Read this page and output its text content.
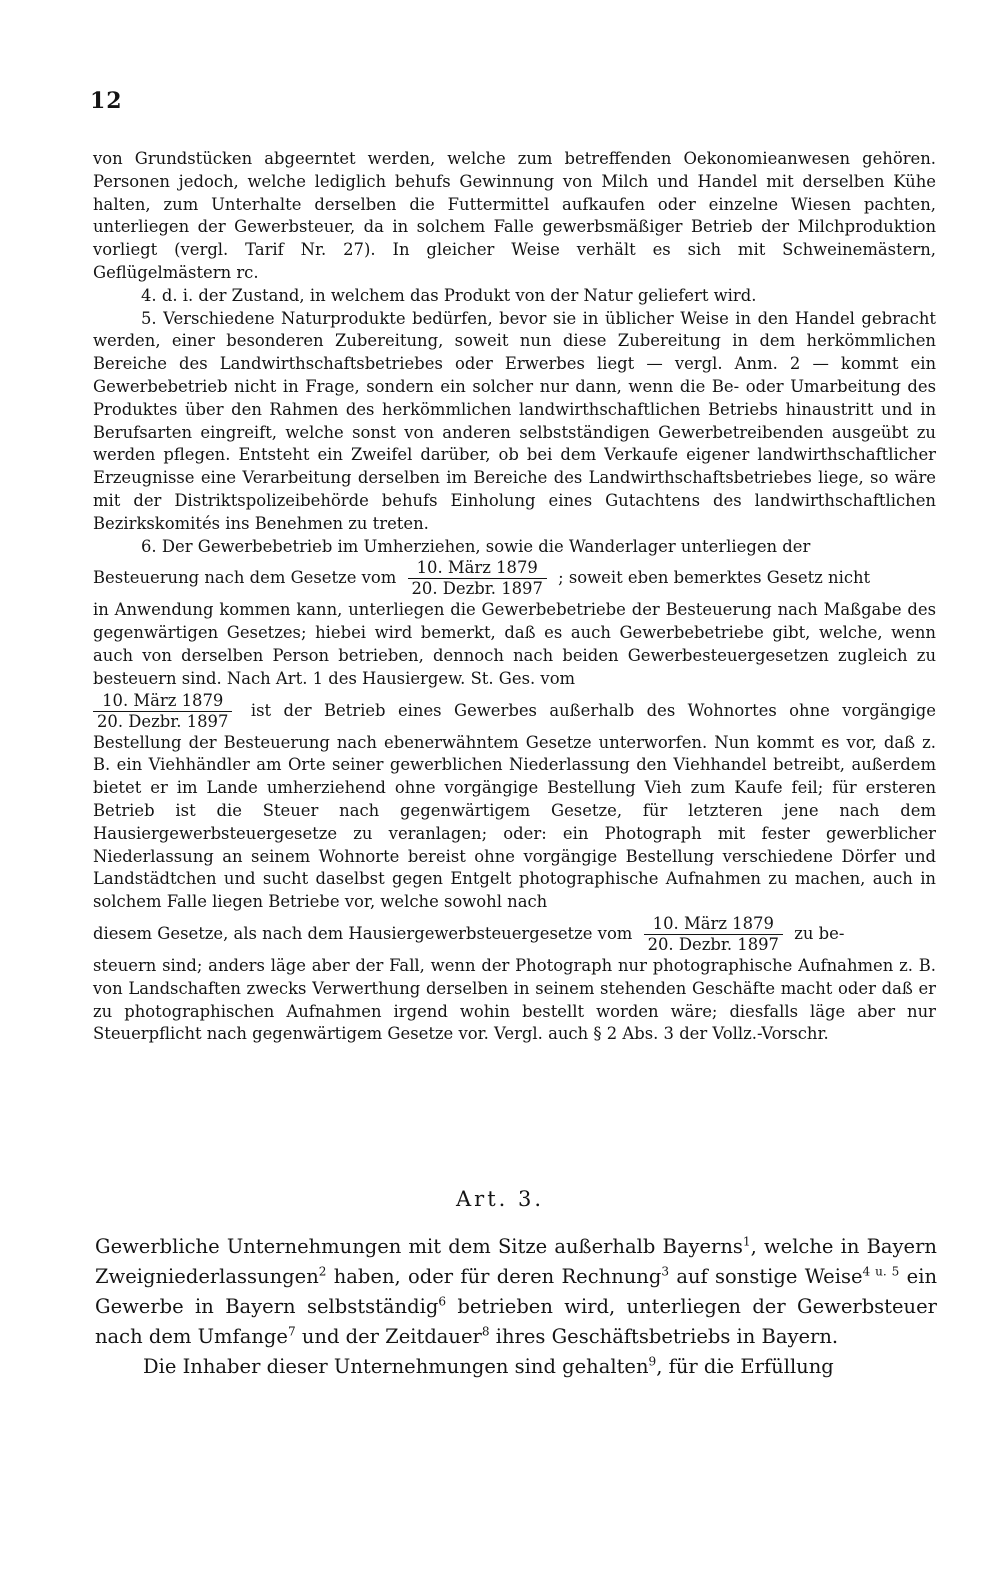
12

von Grundstücken abgeerntet werden, welche zum betreffenden Oekonomieanwesen gehören. Personen jedoch, welche lediglich behufs Gewinnung von Milch und Handel mit derselben Kühe halten, zum Unterhalte derselben die Futtermittel aufkaufen oder einzelne Wiesen pachten, unterliegen der Gewerbsteuer, da in solchem Falle gewerbsmäßiger Betrieb der Milchproduktion vorliegt (vergl. Tarif Nr. 27). In gleicher Weise verhält es sich mit Schweinemästern, Geflügelmästern rc.

4. d. i. der Zustand, in welchem das Produkt von der Natur geliefert wird.

5. Verschiedene Naturprodukte bedürfen, bevor sie in üblicher Weise in den Handel gebracht werden, einer besonderen Zubereitung, soweit nun diese Zubereitung in dem herkömmlichen Bereiche des Landwirthschaftsbetriebes oder Erwerbes liegt — vergl. Anm. 2 — kommt ein Gewerbebetrieb nicht in Frage, sondern ein solcher nur dann, wenn die Be- oder Umarbeitung des Produktes über den Rahmen des herkömmlichen landwirthschaftlichen Betriebs hinaustritt und in Berufsarten eingreift, welche sonst von anderen selbstständigen Gewerbetreibenden ausgeübt zu werden pflegen. Entsteht ein Zweifel darüber, ob bei dem Verkaufe eigener landwirthschaftlicher Erzeugnisse eine Verarbeitung derselben im Bereiche des Landwirthschaftsbetriebes liege, so wäre mit der Distriktspolizeibehörde behufs Einholung eines Gutachtens des landwirthschaftlichen Bezirkskomités ins Benehmen zu treten.

6. Der Gewerbebetrieb im Umherziehen, sowie die Wanderlager unterliegen der

Besteuerung nach dem Gesetze vom $\frac{\text{10. März 1879}}{\text{20. Dezbr. 1897}}$ ; soweit eben bemerktes Gesetz nicht

in Anwendung kommen kann, unterliegen die Gewerbebetriebe der Besteuerung nach Maßgabe des gegenwärtigen Gesetzes; hiebei wird bemerkt, daß es auch Gewerbebetriebe gibt, welche, wenn auch von derselben Person betrieben, dennoch nach beiden Gewerbesteuergesetzen zugleich zu besteuern sind. Nach Art. 1 des Hausiergew. St. Ges. vom

$\frac{\text{10. März 1879}}{\text{20. Dezbr. 1897}}$ ist der Betrieb eines Gewerbes außerhalb des Wohnortes ohne vorgängige Bestellung der Besteuerung nach ebenerwähntem Gesetze unterworfen. Nun kommt es vor, daß z. B. ein Viehhändler am Orte seiner gewerblichen Niederlassung den Viehhandel betreibt, außerdem bietet er im Lande umherziehend ohne vorgängige Bestellung Vieh zum Kaufe feil; für ersteren Betrieb ist die Steuer nach gegenwärtigem Gesetze, für letzteren jene nach dem Hausiergewerbsteuergesetze zu veranlagen; oder: ein Photograph mit fester gewerblicher Niederlassung an seinem Wohnorte bereist ohne vorgängige Bestellung verschiedene Dörfer und Landstädtchen und sucht daselbst gegen Entgelt photographische Aufnahmen zu machen, auch in solchem Falle liegen Betriebe vor, welche sowohl nach

diesem Gesetze, als nach dem Hausiergewerbsteuergesetze vom $\frac{\text{10. März 1879}}{\text{20. Dezbr. 1897}}$ zu be-

steuern sind; anders läge aber der Fall, wenn der Photograph nur photographische Aufnahmen z. B. von Landschaften zwecks Verwerthung derselben in seinem stehenden Geschäfte macht oder daß er zu photographischen Aufnahmen irgend wohin bestellt worden wäre; diesfalls läge aber nur Steuerpflicht nach gegenwärtigem Gesetze vor. Vergl. auch § 2 Abs. 3 der Vollz.-Vorschr.

Art. 3.

Gewerbliche Unternehmungen mit dem Sitze außerhalb Bayerns$^1$, welche in Bayern Zweigniederlassungen$^2$ haben, oder für deren Rechnung$^3$ auf sonstige Weise$^{4 u. 5}$ ein Gewerbe in Bayern selbstständig$^6$ betrieben wird, unterliegen der Gewerbsteuer nach dem Umfange$^7$ und der Zeitdauer$^8$ ihres Geschäftsbetriebs in Bayern.

Die Inhaber dieser Unternehmungen sind gehalten$^9$, für die Erfüllung
